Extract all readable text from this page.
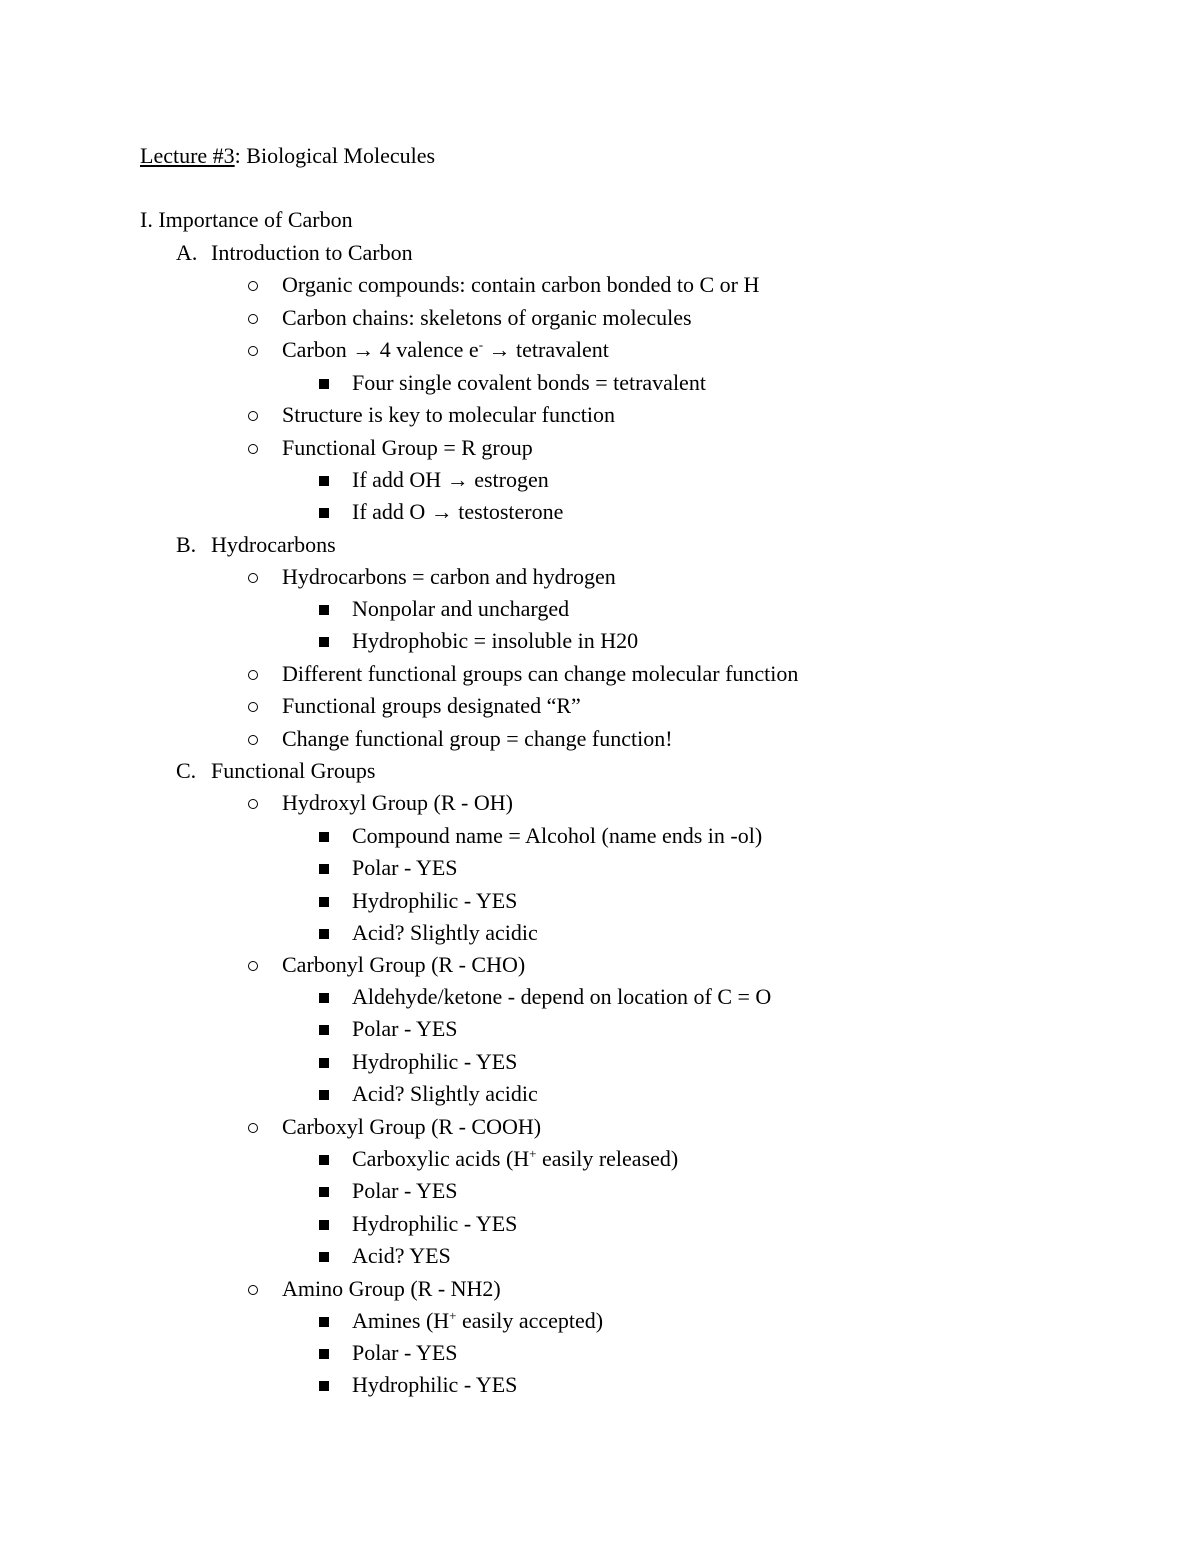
Lecture #3: Biological Molecules
I. Importance of Carbon
A. Introduction to Carbon
Organic compounds: contain carbon bonded to C or H
Carbon chains: skeletons of organic molecules
Carbon → 4 valence e- → tetravalent
Four single covalent bonds = tetravalent
Structure is key to molecular function
Functional Group = R group
If add OH → estrogen
If add O → testosterone
B. Hydrocarbons
Hydrocarbons = carbon and hydrogen
Nonpolar and uncharged
Hydrophobic = insoluble in H20
Different functional groups can change molecular function
Functional groups designated “R”
Change functional group = change function!
C. Functional Groups
Hydroxyl Group (R - OH)
Compound name = Alcohol (name ends in -ol)
Polar - YES
Hydrophilic - YES
Acid? Slightly acidic
Carbonyl Group (R - CHO)
Aldehyde/ketone - depend on location of C = O
Polar - YES
Hydrophilic - YES
Acid? Slightly acidic
Carboxyl Group (R - COOH)
Carboxylic acids (H+ easily released)
Polar - YES
Hydrophilic - YES
Acid? YES
Amino Group (R - NH2)
Amines (H+ easily accepted)
Polar - YES
Hydrophilic - YES
